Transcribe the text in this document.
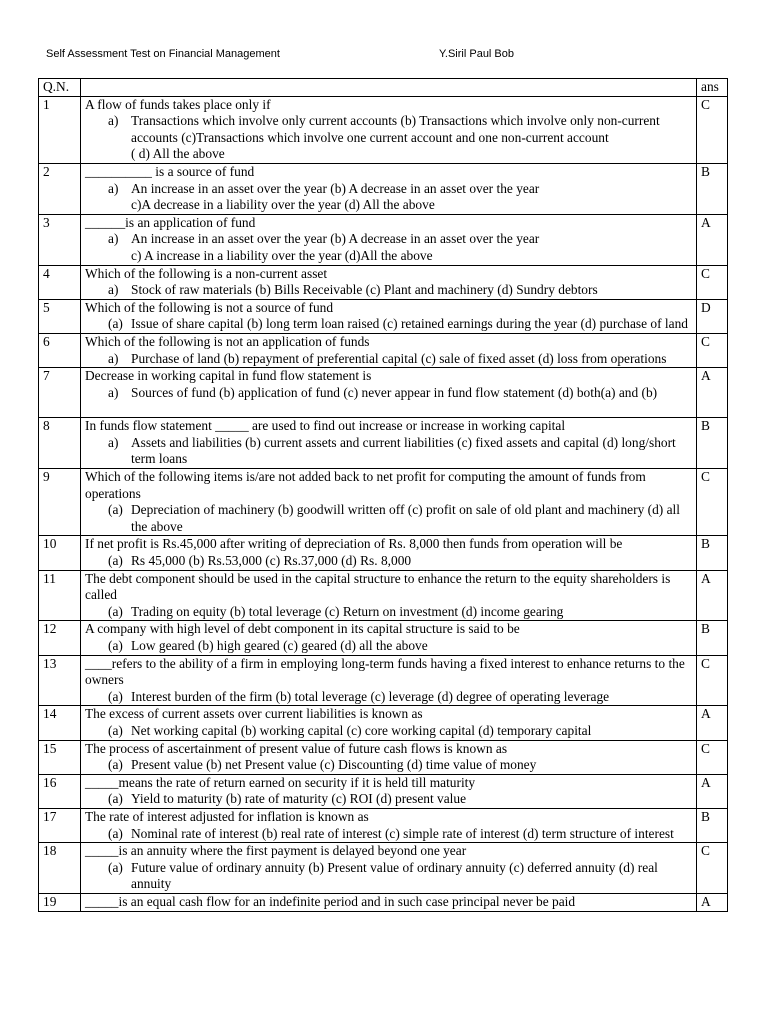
Self Assessment Test on Financial Management	Y.Siril Paul Bob
Q.N.		ans
1	A flow of funds takes place only if
a) Transactions which involve only current accounts (b) Transactions which involve only non-current accounts (c)Transactions which involve one current account and one non-current account
( d) All the above	C
2	__________ is a source of fund
a) An increase in an asset over the year (b) A decrease in an asset over the year
c)A decrease in a liability over the year (d) All the above	B
3	______is an application of fund
a) An increase in an asset over the year (b) A decrease in an asset over the year
c) A increase in a liability over the year (d)All the above	A
4	Which of the following is a non-current asset
a) Stock of raw materials (b) Bills Receivable (c) Plant and machinery (d) Sundry debtors	C
5	Which of the following is not a source of fund
(a) Issue of share capital (b) long term loan raised (c) retained earnings during the year (d) purchase of land	D
6	Which of the following is not an application of funds
a) Purchase of land (b) repayment of preferential capital (c) sale of fixed asset (d) loss from operations	C
7	Decrease in working capital in fund flow statement is
a) Sources of fund (b) application of fund (c) never appear in fund flow statement (d) both(a) and (b)	A
8	In funds flow statement _____ are used to find out increase or increase in working capital
a) Assets and liabilities (b) current assets and current liabilities (c) fixed assets and capital (d) long/short term loans	B
9	Which of the following items is/are not added back to net profit for computing the amount of funds from operations
(a) Depreciation of machinery (b) goodwill written off (c) profit on sale of old plant and machinery (d) all the above	C
10	If net profit is Rs.45,000 after writing of depreciation of Rs. 8,000 then funds from operation will be
(a) Rs 45,000 (b) Rs.53,000 (c) Rs.37,000 (d) Rs. 8,000	B
11	The debt component should be used in the capital structure to enhance the return to the equity shareholders is called
(a) Trading on equity (b) total leverage (c) Return on investment (d) income gearing	A
12	A company with high level of debt component in its capital structure is said to be
(a) Low geared (b) high geared (c) geared (d) all the above	B
13	____refers to the ability of a firm in employing long-term funds having a fixed interest to enhance returns to the owners
(a) Interest burden of the firm (b) total leverage (c) leverage (d) degree of operating leverage	C
14	The excess of current assets over current liabilities is known as
(a) Net working capital (b) working capital (c) core working capital (d) temporary capital	A
15	The process of ascertainment of present value of future cash flows is known as
(a) Present value (b) net Present value (c) Discounting (d) time value of money	C
16	_____means the rate of return earned on security if it is held till maturity
(a) Yield to maturity (b) rate of maturity (c) ROI (d) present value	A
17	The rate of interest adjusted for inflation is known as
(a) Nominal rate of interest (b) real rate of interest (c) simple rate of interest (d) term structure of interest	B
18	_____is an annuity where the first payment is delayed beyond one year
(a) Future value of ordinary annuity (b) Present value of ordinary annuity (c) deferred annuity (d) real annuity	C
19	_____is an equal cash flow for an indefinite period and in such case principal never be paid	A
